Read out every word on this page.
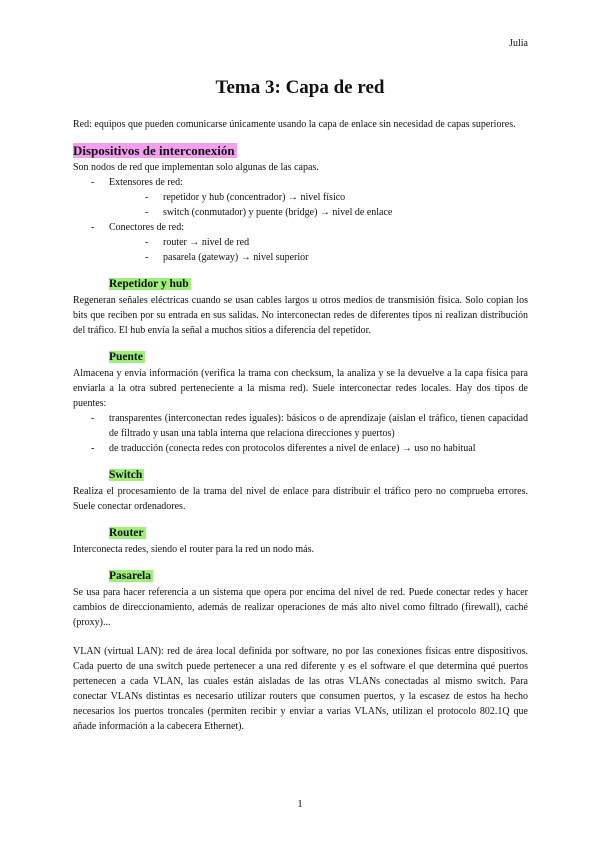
Julia
Tema 3: Capa de red

Red: equipos que pueden comunicarse únicamente usando la capa de enlace sin necesidad de capas superiores.

Dispositivos de interconexión

Son nodos de red que implementan solo algunas de las capas.

- Extensores de red:
- repetidor y hub (concentrador) → nivel físico
- switch (conmutador) y puente (bridge) → nivel de enlace
- Conectores de red:
- router → nivel de red
- pasarela (gateway) → nivel superior
Repetidor y hub

Regeneran señales eléctricas cuando se usan cables largos u otros medios de transmisión física. Solo copian los bits que reciben por su entrada en sus salidas. No interconectan redes de diferentes tipos ni realizan distribución del tráfico. El hub envía la señal a muchos sitios a diferencia del repetidor.

Puente

Almacena y envía información (verifica la trama con checksum, la analiza y se la devuelve a la capa física para enviarla a la otra subred perteneciente a la misma red). Suele interconectar redes locales. Hay dos tipos de puentes:

- transparentes (interconectan redes iguales): básicos o de aprendizaje (aíslan el tráfico, tienen capacidad de filtrado y usan una tabla interna que relaciona direcciones y puertos)
- de traducción (conecta redes con protocolos diferentes a nivel de enlace) → uso no habitual
Switch

Realiza el procesamiento de la trama del nivel de enlace para distribuir el tráfico pero no comprueba errores. Suele conectar ordenadores.

Router

Interconecta redes, siendo el router para la red un nodo más.

Pasarela

Se usa para hacer referencia a un sistema que opera por encima del nivel de red. Puede conectar redes y hacer cambios de direccionamiento, además de realizar operaciones de más alto nivel como filtrado (firewall), caché (proxy)...

VLAN (virtual LAN): red de área local definida por software, no por las conexiones físicas entre dispositivos. Cada puerto de una switch puede pertenecer a una red diferente y es el software el que determina qué puertos pertenecen a cada VLAN, las cuales están aisladas de las otras VLANs conectadas al mismo switch. Para conectar VLANs distintas es necesario utilizar routers que consumen puertos, y la escasez de estos ha hecho necesarios los puertos troncales (permiten recibir y enviar a varias VLANs, utilizan el protocolo 802.1Q que añade información a la cabecera Ethernet).

1
